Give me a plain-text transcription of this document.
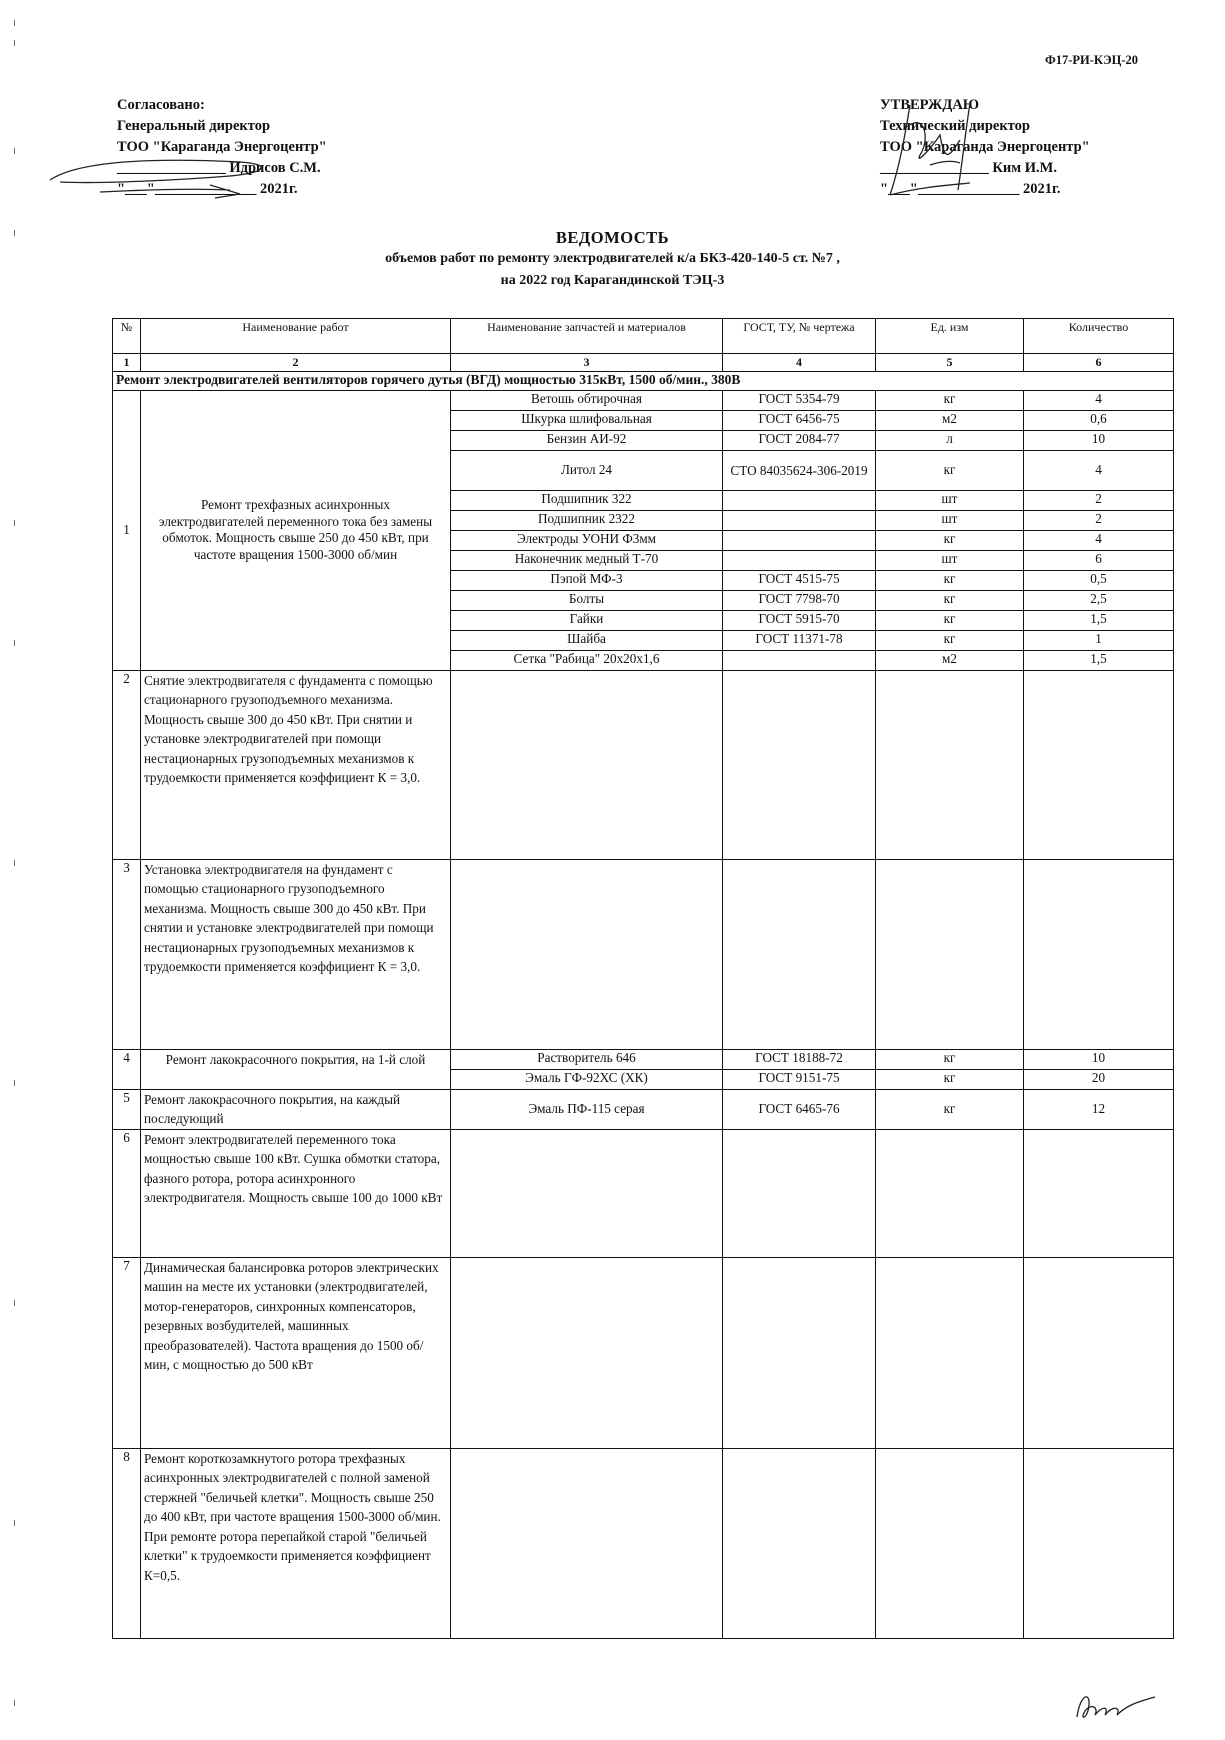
Ф17-РИ-КЭЦ-20
Согласовано:
Генеральный директор
ТОО "Караганда Энергоцентр"
_______________ Идрисов С.М.
"___"______________ 2021г.
УТВЕРЖДАЮ
Технический директор
ТОО "Караганда Энергоцентр"
_______________ Ким И.М.
"___"______________ 2021г.
ВЕДОМОСТЬ
объемов работ по ремонту электродвигателей к/а БКЗ-420-140-5 ст. №7 ,
на 2022 год Карагандинской ТЭЦ-3
№	Наименование работ	Наименование запчастей и материалов	ГОСТ, ТУ, № чертежа	Ед. изм	Количество
1	2	3	4	5	6
Ремонт электродвигателей вентиляторов горячего дутья (ВГД) мощностью 315кВт, 1500 об/мин., 380В					
1	Ремонт трехфазных асинхронных электродвигателей переменного тока без замены обмоток. Мощность свыше 250 до 450 кВт, при частоте вращения 1500-3000 об/мин	Ветошь обтирочная	ГОСТ 5354-79	кг	4
		Шкурка шлифовальная	ГОСТ 6456-75	м2	0,6
		Бензин АИ-92	ГОСТ 2084-77	л	10
		Литол 24	СТО 84035624-306-2019	кг	4
		Подшипник 322		шт	2
		Подшипник 2322		шт	2
		Электроды УОНИ Ф3мм		кг	4
		Наконечник медный Т-70		шт	6
		Пэпой МФ-3	ГОСТ 4515-75	кг	0,5
		Болты	ГОСТ 7798-70	кг	2,5
		Гайки	ГОСТ 5915-70	кг	1,5
		Шайба	ГОСТ 11371-78	кг	1
		Сетка "Рабица" 20х20х1,6		м2	1,5
2	Снятие электродвигателя с фундамента с помощью стационарного грузоподъемного механизма. Мощность свыше 300 до 450 кВт. При снятии и установке электродвигателей при помощи нестационарных грузоподъемных механизмов к трудоемкости применяется коэффициент К = 3,0.				
3	Установка электродвигателя на фундамент с помощью стационарного грузоподъемного механизма. Мощность свыше 300 до 450 кВт. При снятии и установке электродвигателей при помощи нестационарных грузоподъемных механизмов к трудоемкости применяется коэффициент К = 3,0.				
4	Ремонт лакокрасочного покрытия, на 1-й слой	Растворитель 646	ГОСТ 18188-72	кг	10
		Эмаль ГФ-92ХС (ХК)	ГОСТ 9151-75	кг	20
5	Ремонт лакокрасочного покрытия, на каждый последующий	Эмаль ПФ-115 серая	ГОСТ 6465-76	кг	12
6	Ремонт электродвигателей переменного тока мощностью свыше 100 кВт. Сушка обмотки статора, фазного ротора, ротора асинхронного электродвигателя. Мощность свыше 100 до 1000 кВт				
7	Динамическая балансировка роторов электрических машин на месте их установки (электродвигателей, мотор-генераторов, синхронных компенсаторов, резервных возбудителей, машинных преобразователей). Частота вращения до 1500 об/мин, с мощностью до 500 кВт				
8	Ремонт короткозамкнутого ротора трехфазных асинхронных электродвигателей с полной заменой стержней "беличьей клетки". Мощность свыше 250 до 400 кВт, при частоте вращения 1500-3000 об/мин. При ремонте ротора перепайкой старой "беличьей клетки" к трудоемкости применяется коэффициент К=0,5.				
